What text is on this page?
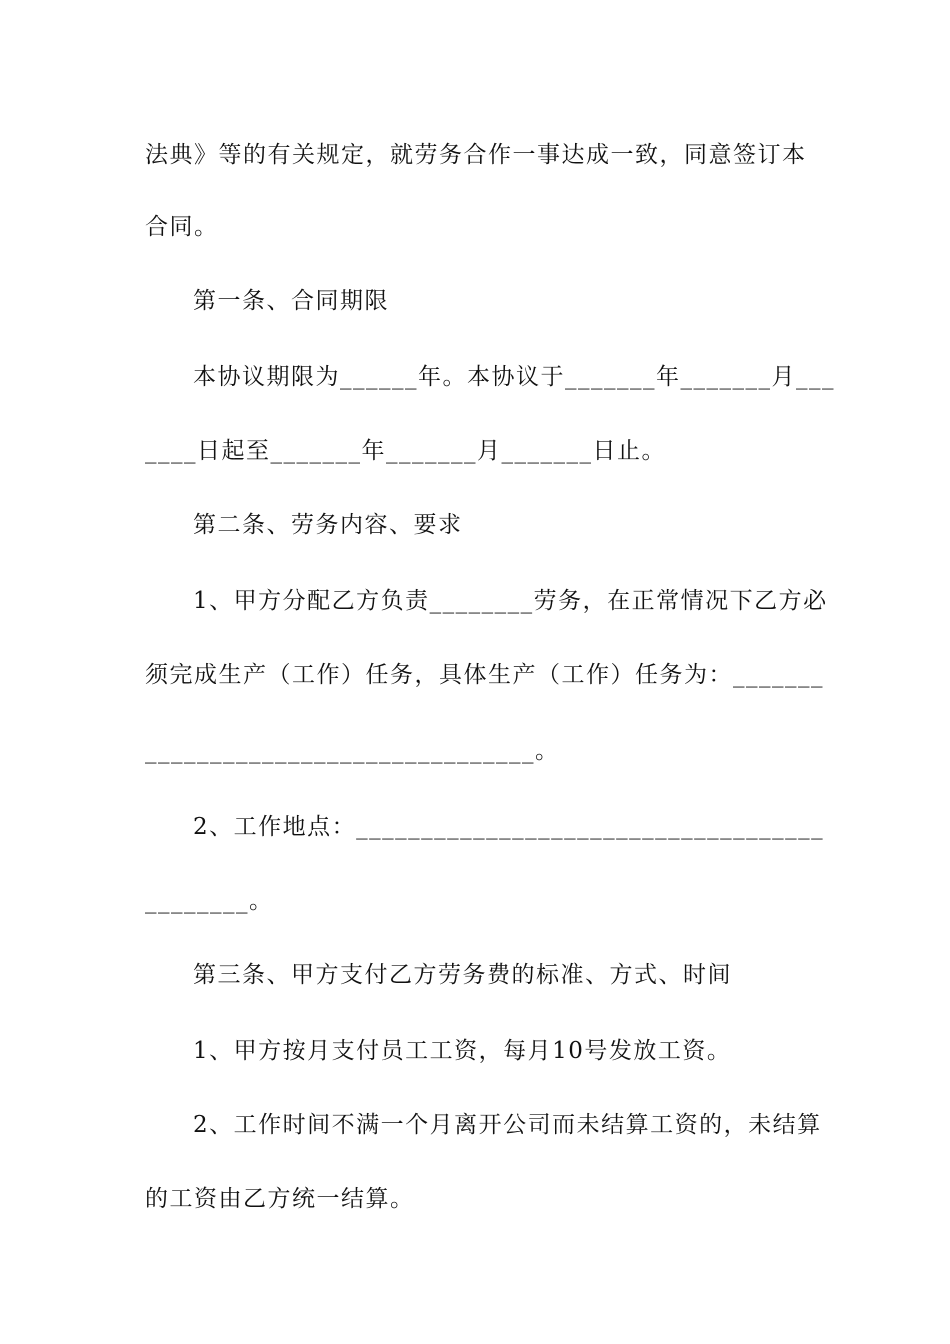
法典》等的有关规定，就劳务合作一事达成一致，同意签订本
合同。
第一条、合同期限
本协议期限为______年。本协议于_______年_______月___
____日起至_______年_______月_______日止。
第二条、劳务内容、要求
1、甲方分配乙方负责________劳务，在正常情况下乙方必
须完成生产（工作）任务，具体生产（工作）任务为：_______
______________________________。
2、工作地点：____________________________________
________。
第三条、甲方支付乙方劳务费的标准、方式、时间
1、甲方按月支付员工工资，每月10号发放工资。
2、工作时间不满一个月离开公司而未结算工资的，未结算
的工资由乙方统一结算。
